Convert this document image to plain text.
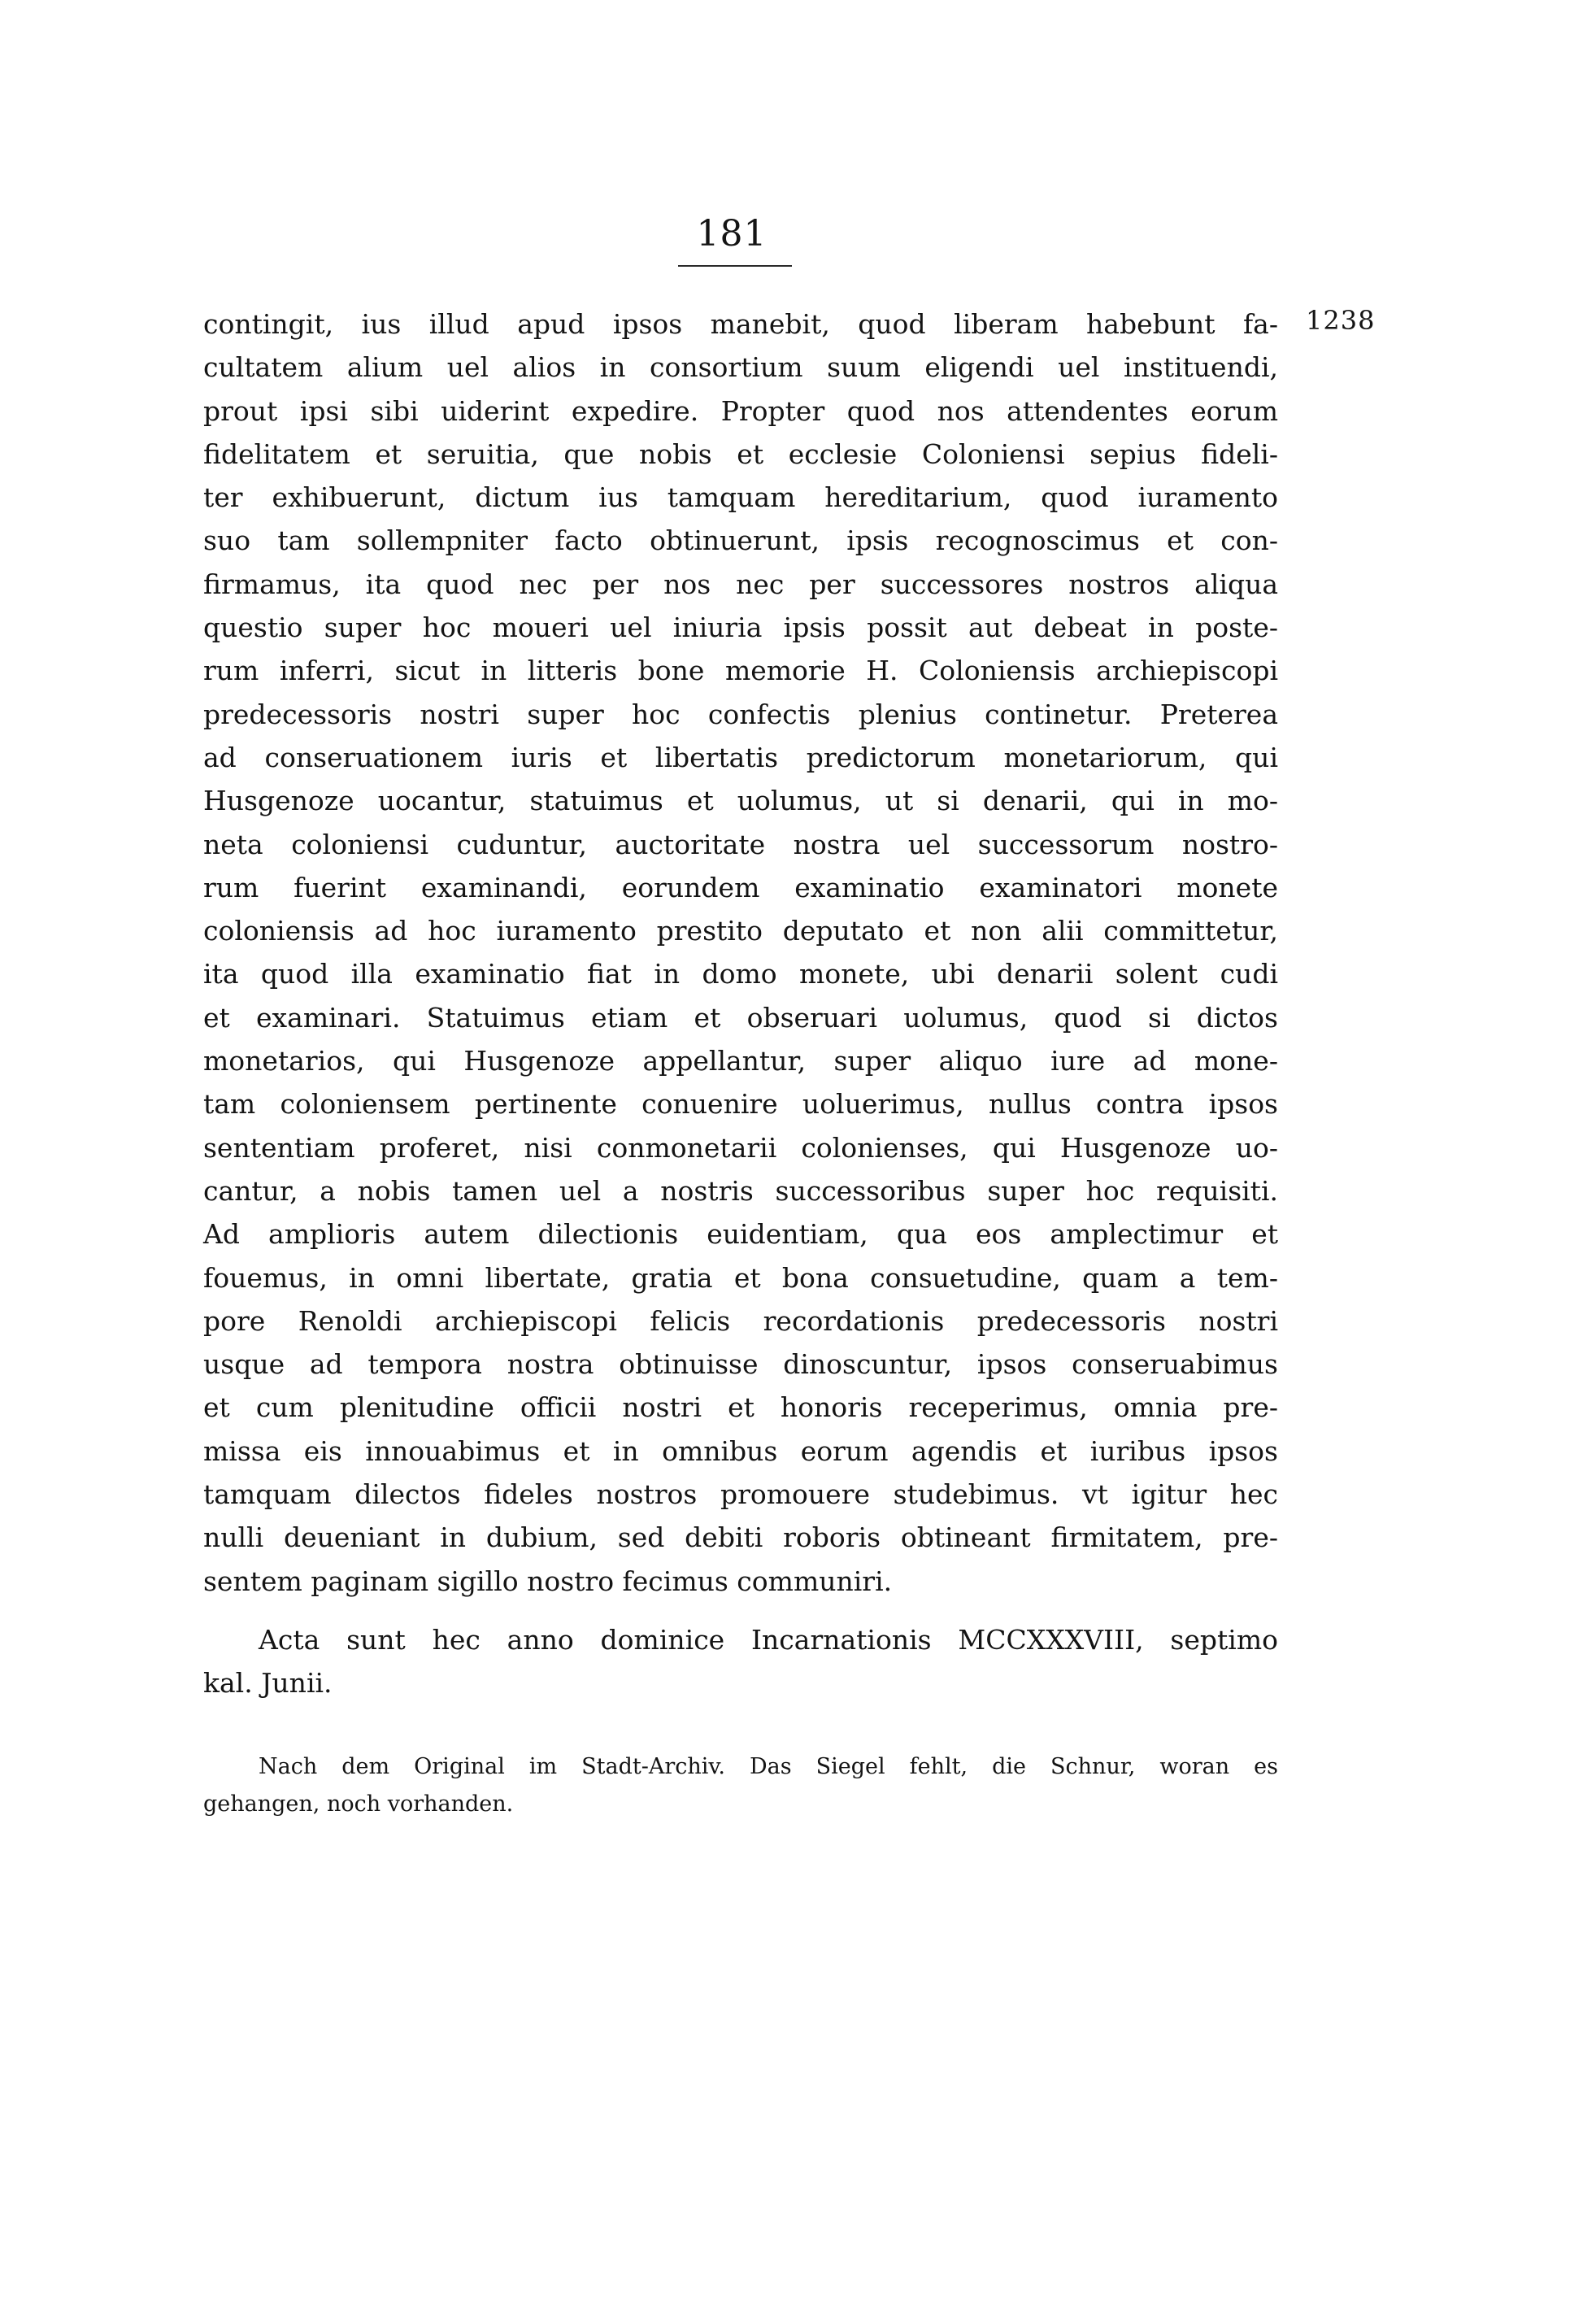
181
1238
contingit, ius illud apud ipsos manebit, quod liberam habebunt fa-
cultatem alium uel alios in consortium suum eligendi uel instituendi,
prout ipsi sibi uiderint expedire. Propter quod nos attendentes eorum
fidelitatem et seruitia, que nobis et ecclesie Coloniensi sepius fideli-
ter exhibuerunt, dictum ius tamquam hereditarium, quod iuramento
suo tam sollempniter facto obtinuerunt, ipsis recognoscimus et con-
firmamus, ita quod nec per nos nec per successores nostros aliqua
questio super hoc moueri uel iniuria ipsis possit aut debeat in poste-
rum inferri, sicut in litteris bone memorie H. Coloniensis archiepiscopi
predecessoris nostri super hoc confectis plenius continetur. Preterea
ad conseruationem iuris et libertatis predictorum monetariorum, qui
Husgenoze uocantur, statuimus et uolumus, ut si denarii, qui in mo-
neta coloniensi cuduntur, auctoritate nostra uel successorum nostro-
rum fuerint examinandi, eorundem examinatio examinatori monete
coloniensis ad hoc iuramento prestito deputato et non alii committetur,
ita quod illa examinatio fiat in domo monete, ubi denarii solent cudi
et examinari. Statuimus etiam et obseruari uolumus, quod si dictos
monetarios, qui Husgenoze appellantur, super aliquo iure ad mone-
tam coloniensem pertinente conuenire uoluerimus, nullus contra ipsos
sententiam proferet, nisi conmonetarii colonienses, qui Husgenoze uo-
cantur, a nobis tamen uel a nostris successoribus super hoc requisiti.
Ad amplioris autem dilectionis euidentiam, qua eos amplectimur et
fouemus, in omni libertate, gratia et bona consuetudine, quam a tem-
pore Renoldi archiepiscopi felicis recordationis predecessoris nostri
usque ad tempora nostra obtinuisse dinoscuntur, ipsos conseruabimus
et cum plenitudine officii nostri et honoris receperimus, omnia pre-
missa eis innouabimus et in omnibus eorum agendis et iuribus ipsos
tamquam dilectos fideles nostros promouere studebimus. vt igitur hec
nulli deueniant in dubium, sed debiti roboris obtineant firmitatem, pre-
sentem paginam sigillo nostro fecimus communiri.
Acta sunt hec anno dominice Incarnationis MCCXXXVIII, septimo
kal. Junii.
Nach dem Original im Stadt-Archiv. Das Siegel fehlt, die Schnur, woran es
gehangen, noch vorhanden.
